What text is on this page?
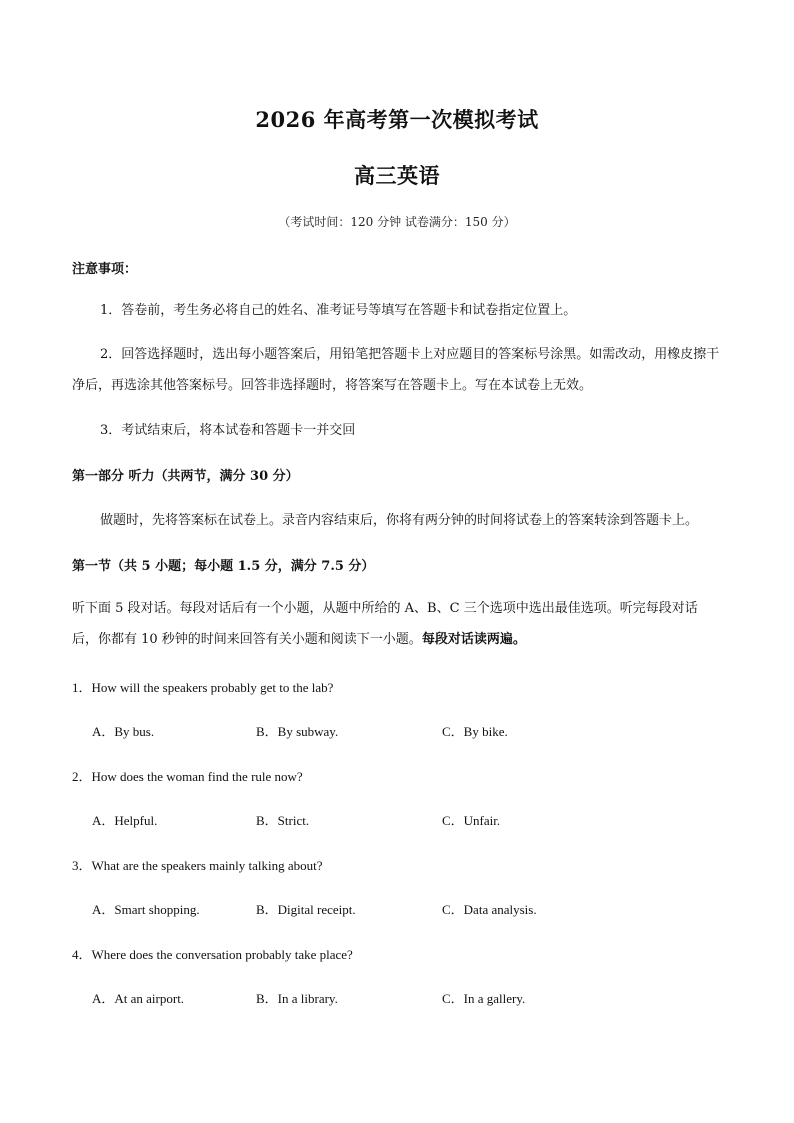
2026 年高考第一次模拟考试
高三英语
（考试时间：120 分钟 试卷满分：150 分）
注意事项：
1．答卷前，考生务必将自己的姓名、准考证号等填写在答题卡和试卷指定位置上。
2．回答选择题时，选出每小题答案后，用铅笔把答题卡上对应题目的答案标号涂黑。如需改动，用橡皮擦干净后，再选涂其他答案标号。回答非选择题时，将答案写在答题卡上。写在本试卷上无效。
3．考试结束后，将本试卷和答题卡一并交回
第一部分 听力（共两节，满分 30 分）
做题时，先将答案标在试卷上。录音内容结束后，你将有两分钟的时间将试卷上的答案转涂到答题卡上。
第一节（共 5 小题；每小题 1.5 分，满分 7.5 分）
听下面 5 段对话。每段对话后有一个小题，从题中所给的 A、B、C 三个选项中选出最佳选项。听完每段对话后，你都有 10 秒钟的时间来回答有关小题和阅读下一小题。每段对话读两遍。
1．How will the speakers probably get to the lab?
A．By bus.	B．By subway.	C．By bike.
2．How does the woman find the rule now?
A．Helpful.	B．Strict.	C．Unfair.
3．What are the speakers mainly talking about?
A．Smart shopping.	B．Digital receipt.	C．Data analysis.
4．Where does the conversation probably take place?
A．At an airport.	B．In a library.	C．In a gallery.
